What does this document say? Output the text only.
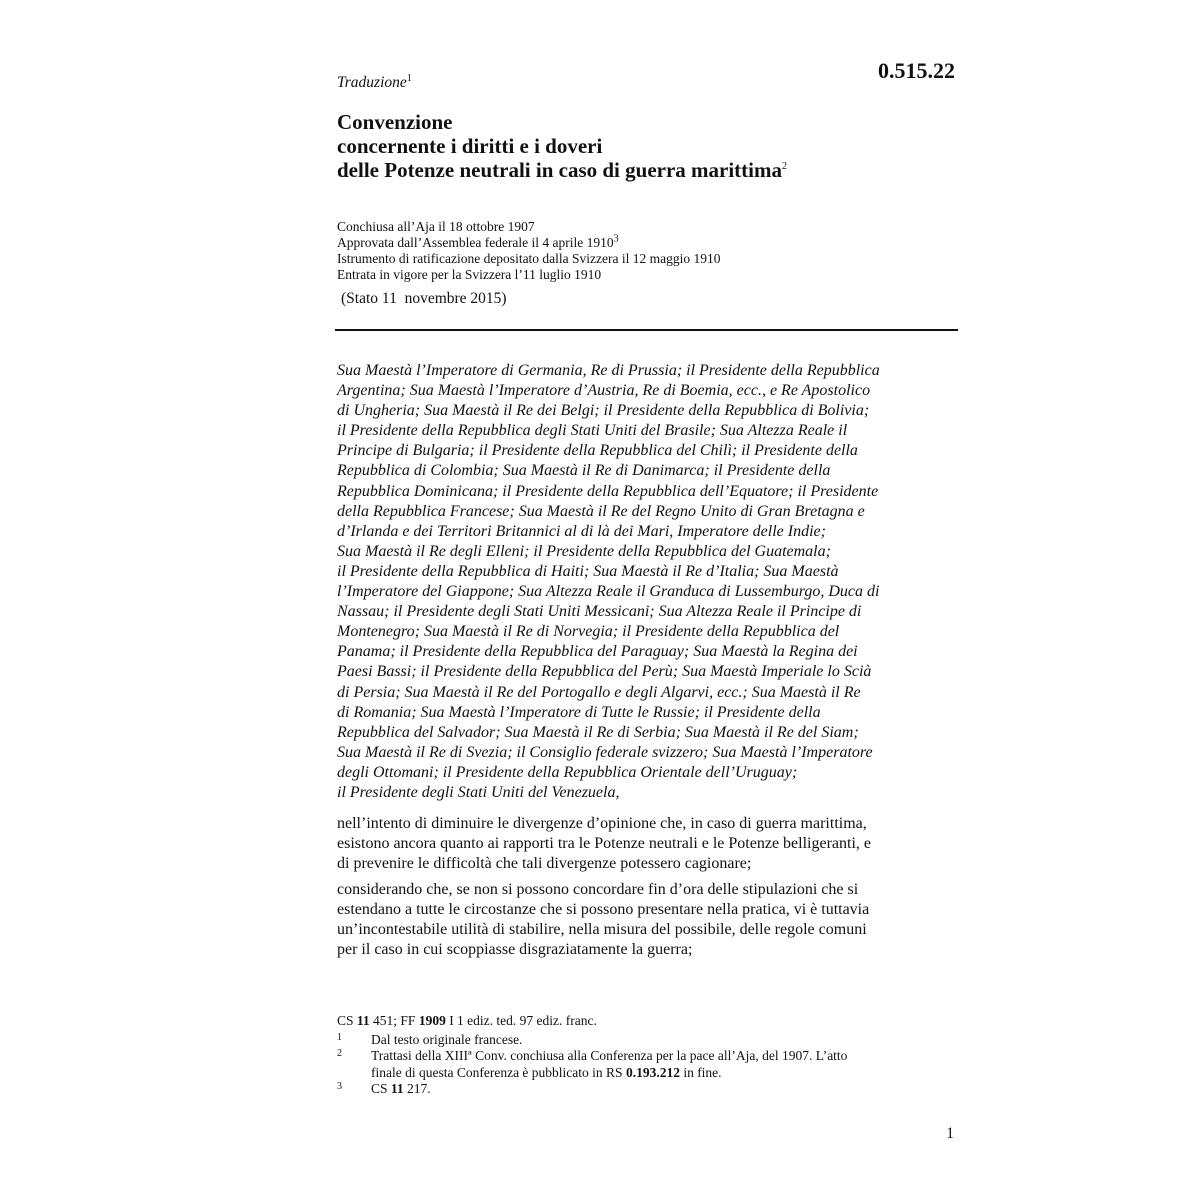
0.515.22
Traduzione$^1$
Convenzione
concernente i diritti e i doveri
delle Potenze neutrali in caso di guerra marittima$^2$
Conchiusa all’Aja il 18 ottobre 1907
Approvata dall’Assemblea federale il 4 aprile 1910$^3$
Istrumento di ratificazione depositato dalla Svizzera il 12 maggio 1910
Entrata in vigore per la Svizzera l’11 luglio 1910
(Stato 11  novembre 2015)
Sua Maestà l’Imperatore di Germania, Re di Prussia; il Presidente della Repubblica
Argentina; Sua Maestà l’Imperatore d’Austria, Re di Boemia, ecc., e Re Apostolico
di Ungheria; Sua Maestà il Re dei Belgi; il Presidente della Repubblica di Bolivia;
il Presidente della Repubblica degli Stati Uniti del Brasile; Sua Altezza Reale il
Principe di Bulgaria; il Presidente della Repubblica del Chilì; il Presidente della
Repubblica di Colombia; Sua Maestà il Re di Danimarca; il Presidente della
Repubblica Dominicana; il Presidente della Repubblica dell’Equatore; il Presidente
della Repubblica Francese; Sua Maestà il Re del Regno Unito di Gran Bretagna e
d’Irlanda e dei Territori Britannici al di là dei Mari, Imperatore delle Indie;
Sua Maestà il Re degli Elleni; il Presidente della Repubblica del Guatemala;
il Presidente della Repubblica di Haiti; Sua Maestà il Re d’Italia; Sua Maestà
l’Imperatore del Giappone; Sua Altezza Reale il Granduca di Lussemburgo, Duca di
Nassau; il Presidente degli Stati Uniti Messicani; Sua Altezza Reale il Principe di
Montenegro; Sua Maestà il Re di Norvegia; il Presidente della Repubblica del
Panama; il Presidente della Repubblica del Paraguay; Sua Maestà la Regina dei
Paesi Bassi; il Presidente della Repubblica del Perù; Sua Maestà Imperiale lo Scià
di Persia; Sua Maestà il Re del Portogallo e degli Algarvi, ecc.; Sua Maestà il Re
di Romania; Sua Maestà l’Imperatore di Tutte le Russie; il Presidente della
Repubblica del Salvador; Sua Maestà il Re di Serbia; Sua Maestà il Re del Siam;
Sua Maestà il Re di Svezia; il Consiglio federale svizzero; Sua Maestà l’Imperatore
degli Ottomani; il Presidente della Repubblica Orientale dell’Uruguay;
il Presidente degli Stati Uniti del Venezuela,
nell’intento di diminuire le divergenze d’opinione che, in caso di guerra marittima,
esistono ancora quanto ai rapporti tra le Potenze neutrali e le Potenze belligeranti, e
di prevenire le difficoltà che tali divergenze potessero cagionare;
considerando che, se non si possono concordare fin d’ora delle stipulazioni che si
estendano a tutte le circostanze che si possono presentare nella pratica, vi è tuttavia
un’incontestabile utilità di stabilire, nella misura del possibile, delle regole comuni
per il caso in cui scoppiasse disgraziatamente la guerra;
CS 11 451; FF 1909 I 1 ediz. ted. 97 ediz. franc.
1 Dal testo originale francese.
2 Trattasi della XIIIª Conv. conchiusa alla Conferenza per la pace all’Aja, del 1907. L’atto
finale di questa Conferenza è pubblicato in RS 0.193.212 in fine.
3 CS 11 217.
1
